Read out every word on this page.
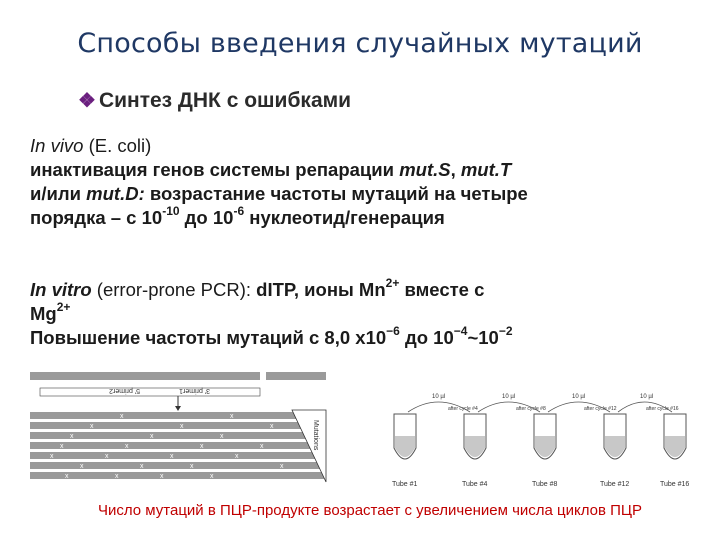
Способы введения случайных мутаций
❖ Синтез ДНК с ошибками
In vivo (E. coli)
инактивация генов системы репарации mut.S, mut.T
и/или mut.D: возрастание частоты мутаций на четыре
порядка – с $10^{-10}$ до $10^{-6}$ нуклеотид/генерация
In vitro (error-prone PCR): dITP, ионы $Mn^{2+}$ вместе с
$Mg^{2+}$
Повышение частоты мутаций с 8,0 $х10^{-6}$ до $10^{-4}\sim 10^{-2}$
3' primer1
5' primer2
x	x
x	x	x
x	x	x
x	x	x	x
x	x	x	x
x	x	x	x
x	x	x	x
Mutations
Tube #1	Tube #4
after cycle #4
Tube #8
after cycle #8
Tube #12
after cycle #12
Tube #16
after cycle #16
10 µl	10 µl	10 µl	10 µl
Число мутаций в ПЦР-продукте возрастает с увеличением числа циклов ПЦР
